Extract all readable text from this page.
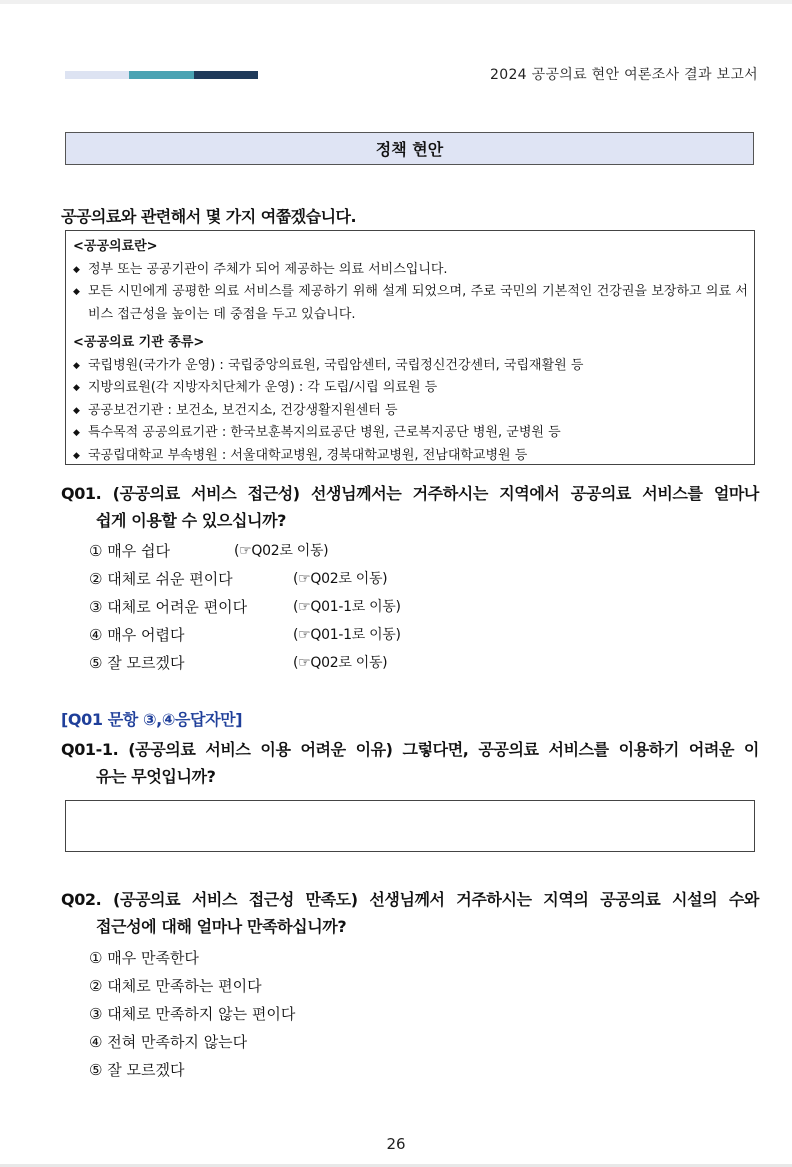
2024 공공의료 현안 여론조사 결과 보고서
정책 현안
공공의료와 관련해서 몇 가지 여쭙겠습니다.
<공공의료란>
◆ 정부 또는 공공기관이 주체가 되어 제공하는 의료 서비스입니다.
◆ 모든 시민에게 공평한 의료 서비스를 제공하기 위해 설계 되었으며, 주로 국민의 기본적인 건강권을 보장하고 의료 서비스 접근성을 높이는 데 중점을 두고 있습니다.
<공공의료 기관 종류>
◆ 국립병원(국가가 운영) : 국립중앙의료원, 국립암센터, 국립정신건강센터, 국립재활원 등
◆ 지방의료원(각 지방자치단체가 운영) : 각 도립/시립 의료원 등
◆ 공공보건기관 : 보건소, 보건지소, 건강생활지원센터 등
◆ 특수목적 공공의료기관 : 한국보훈복지의료공단 병원, 근로복지공단 병원, 군병원 등
◆ 국공립대학교 부속병원 : 서울대학교병원, 경북대학교병원, 전남대학교병원 등
Q01. (공공의료 서비스 접근성) 선생님께서는 거주하시는 지역에서 공공의료 서비스를 얼마나
쉽게 이용할 수 있으십니까?
① 매우 쉽다	(☞Q02로 이동)
② 대체로 쉬운 편이다	(☞Q02로 이동)
③ 대체로 어려운 편이다	(☞Q01-1로 이동)
④ 매우 어렵다	(☞Q01-1로 이동)
⑤ 잘 모르겠다	(☞Q02로 이동)
[Q01 문항 ③,④응답자만]
Q01-1. (공공의료 서비스 이용 어려운 이유) 그렇다면, 공공의료 서비스를 이용하기 어려운 이
유는 무엇입니까?
Q02. (공공의료 서비스 접근성 만족도) 선생님께서 거주하시는 지역의 공공의료 시설의 수와
접근성에 대해 얼마나 만족하십니까?
① 매우 만족한다
② 대체로 만족하는 편이다
③ 대체로 만족하지 않는 편이다
④ 전혀 만족하지 않는다
⑤ 잘 모르겠다
26
